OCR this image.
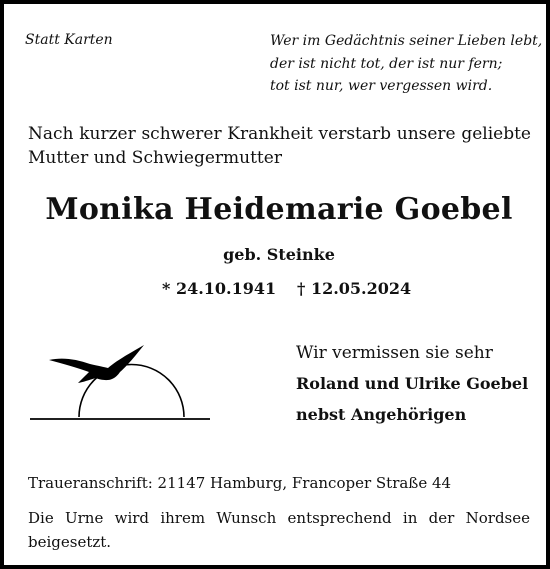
Statt Karten	Wer im Gedächtnis seiner Lieben lebt,
der ist nicht tot, der ist nur fern;
tot ist nur, wer vergessen wird.
Nach kurzer schwerer Krankheit verstarb unsere geliebte Mutter und Schwiegermutter
Monika Heidemarie Goebel
geb. Steinke
* 24.10.1941 † 12.05.2024
Wir vermissen sie sehr
Roland und Ulrike Goebel
nebst Angehörigen
Traueranschrift: 21147 Hamburg, Francoper Straße 44
Die Urne wird ihrem Wunsch entsprechend in der Nordsee beigesetzt.
